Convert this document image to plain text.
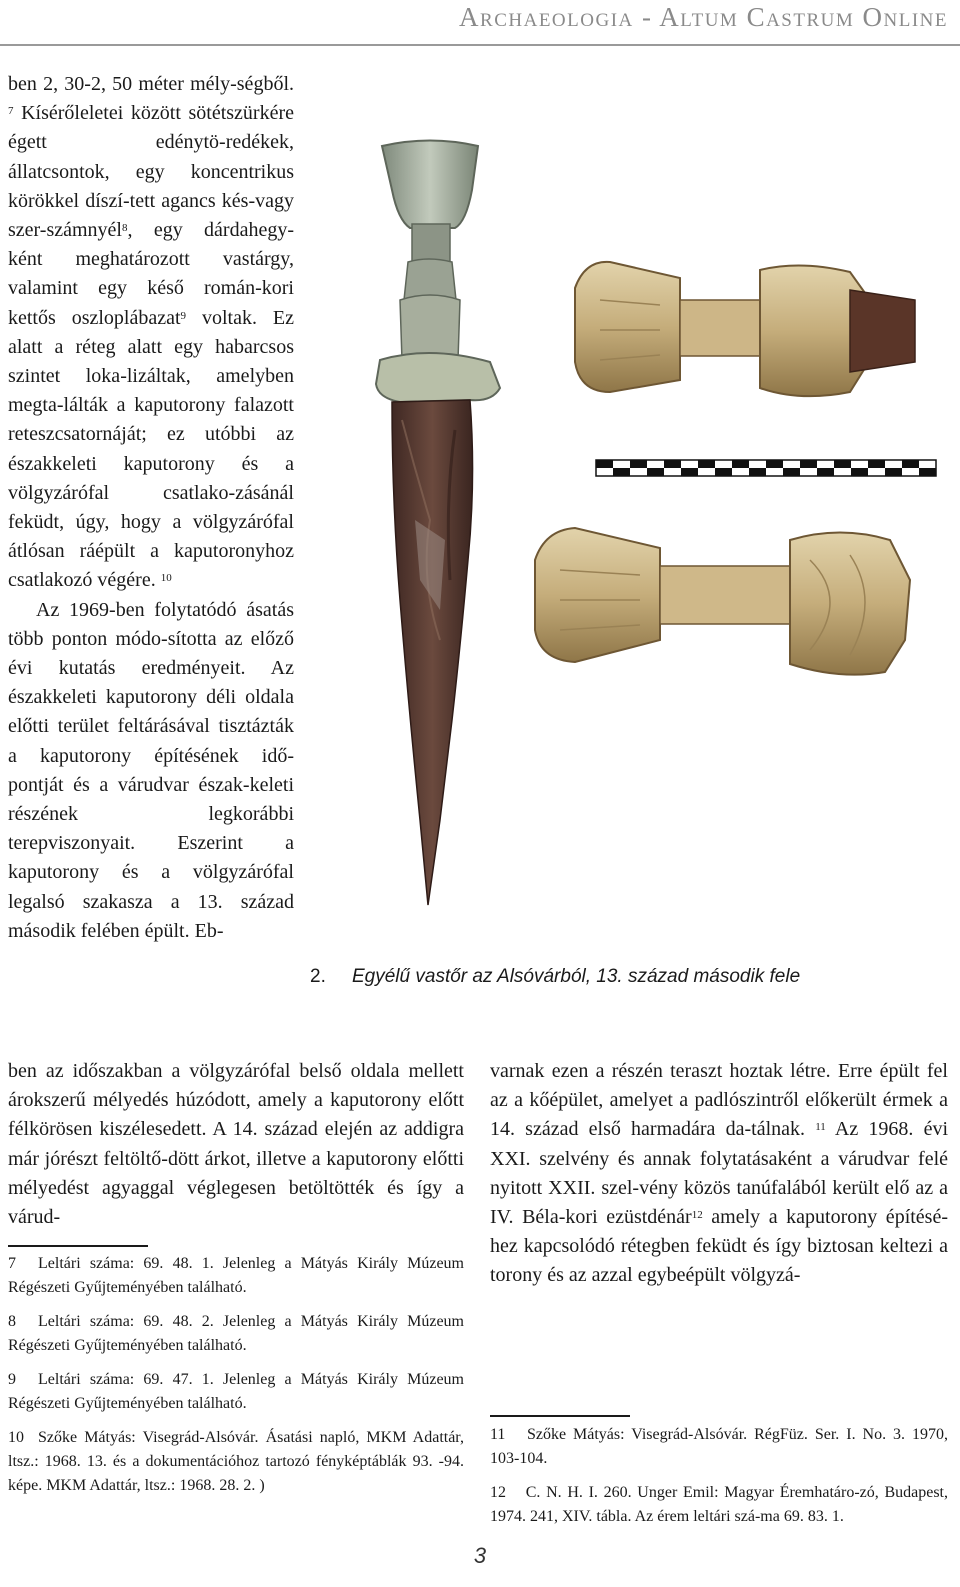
Archaeologia - Altum Castrum Online

ben 2, 30-2, 50 méter mély-ségből. $^7$ Kísérőleletei között sötétszürkére égett edénytö-redékek, állatcsontok, egy koncentrikus körökkel díszí-tett agancs kés-vagy szer-számnyél$^8$, egy dárdahegy-ként meghatározott vastárgy, valamint egy késő román-kori kettős oszloplábazat$^9$ voltak. Ez alatt a réteg alatt egy habarcsos szintet loka-lizáltak, amelyben megta-lálták a kaputorony falazott reteszcsatornáját; ez utóbbi az északkeleti kaputorony és a völgyzárófal csatlako-zásánál feküdt, úgy, hogy a völgyzárófal átlósan ráépült a kaputoronyhoz csatlakozó végére. $^{10}$

Az 1969-ben folytatódó ásatás több ponton módo-sította az előző évi kutatás eredményeit. Az északkeleti kaputorony déli oldala előtti terület feltárásával tisztázták a kaputorony építésének idő-pontját és a várudvar észak-keleti részének legkorábbi terepviszonyait. Eszerint a kaputorony és a völgyzárófal legalsó szakasza a 13. század második felében épült. Eb-

ben az időszakban a völgyzárófal belső oldala mellett árokszerű mélyedés húzódott, amely a kaputorony előtt félkörösen kiszélesedett. A 14. század elején az addigra már jórészt feltöltő-dött árkot, illetve a kaputorony előtti mélyedést agyaggal véglegesen betöltötték és így a várud-
varnak ezen a részén teraszt hoztak létre. Erre épült fel az a kőépület, amelyet a padlószintről előkerült érmek a 14. század első harmadára da-tálnak. $^{11}$ Az 1968. évi XXI. szelvény és annak folytatásaként a várudvar felé nyitott XXII. szel-vény közös tanúfalából került elő az a IV. Béla-kori ezüstdénár$^{12}$ amely a kaputorony építésé-hez kapcsolódó rétegben feküdt és így biztosan keltezi a torony és az azzal egybeépült völgyzá-
2. Egyélű vastőr az Alsóvárból, 13. század második fele

7 Leltári száma: 69. 48. 1. Jelenleg a Mátyás Király Múzeum Régészeti Gyűjteményében található.

8 Leltári száma: 69. 48. 2. Jelenleg a Mátyás Király Múzeum Régészeti Gyűjteményében található.

9 Leltári száma: 69. 47. 1. Jelenleg a Mátyás Király Múzeum Régészeti Gyűjteményében található.

10 Szőke Mátyás: Visegrád-Alsóvár. Ásatási napló, MKM Adattár, ltsz.: 1968. 13. és a dokumentációhoz tartozó fényképtáblák 93. -94. képe. MKM Adattár, ltsz.: 1968. 28. 2. )

11 Szőke Mátyás: Visegrád-Alsóvár. RégFüz. Ser. I. No. 3. 1970, 103-104.

12 C. N. H. I. 260. Unger Emil: Magyar Éremhatáro-zó, Budapest, 1974. 241, XIV. tábla. Az érem leltári szá-ma 69. 83. 1.

3
